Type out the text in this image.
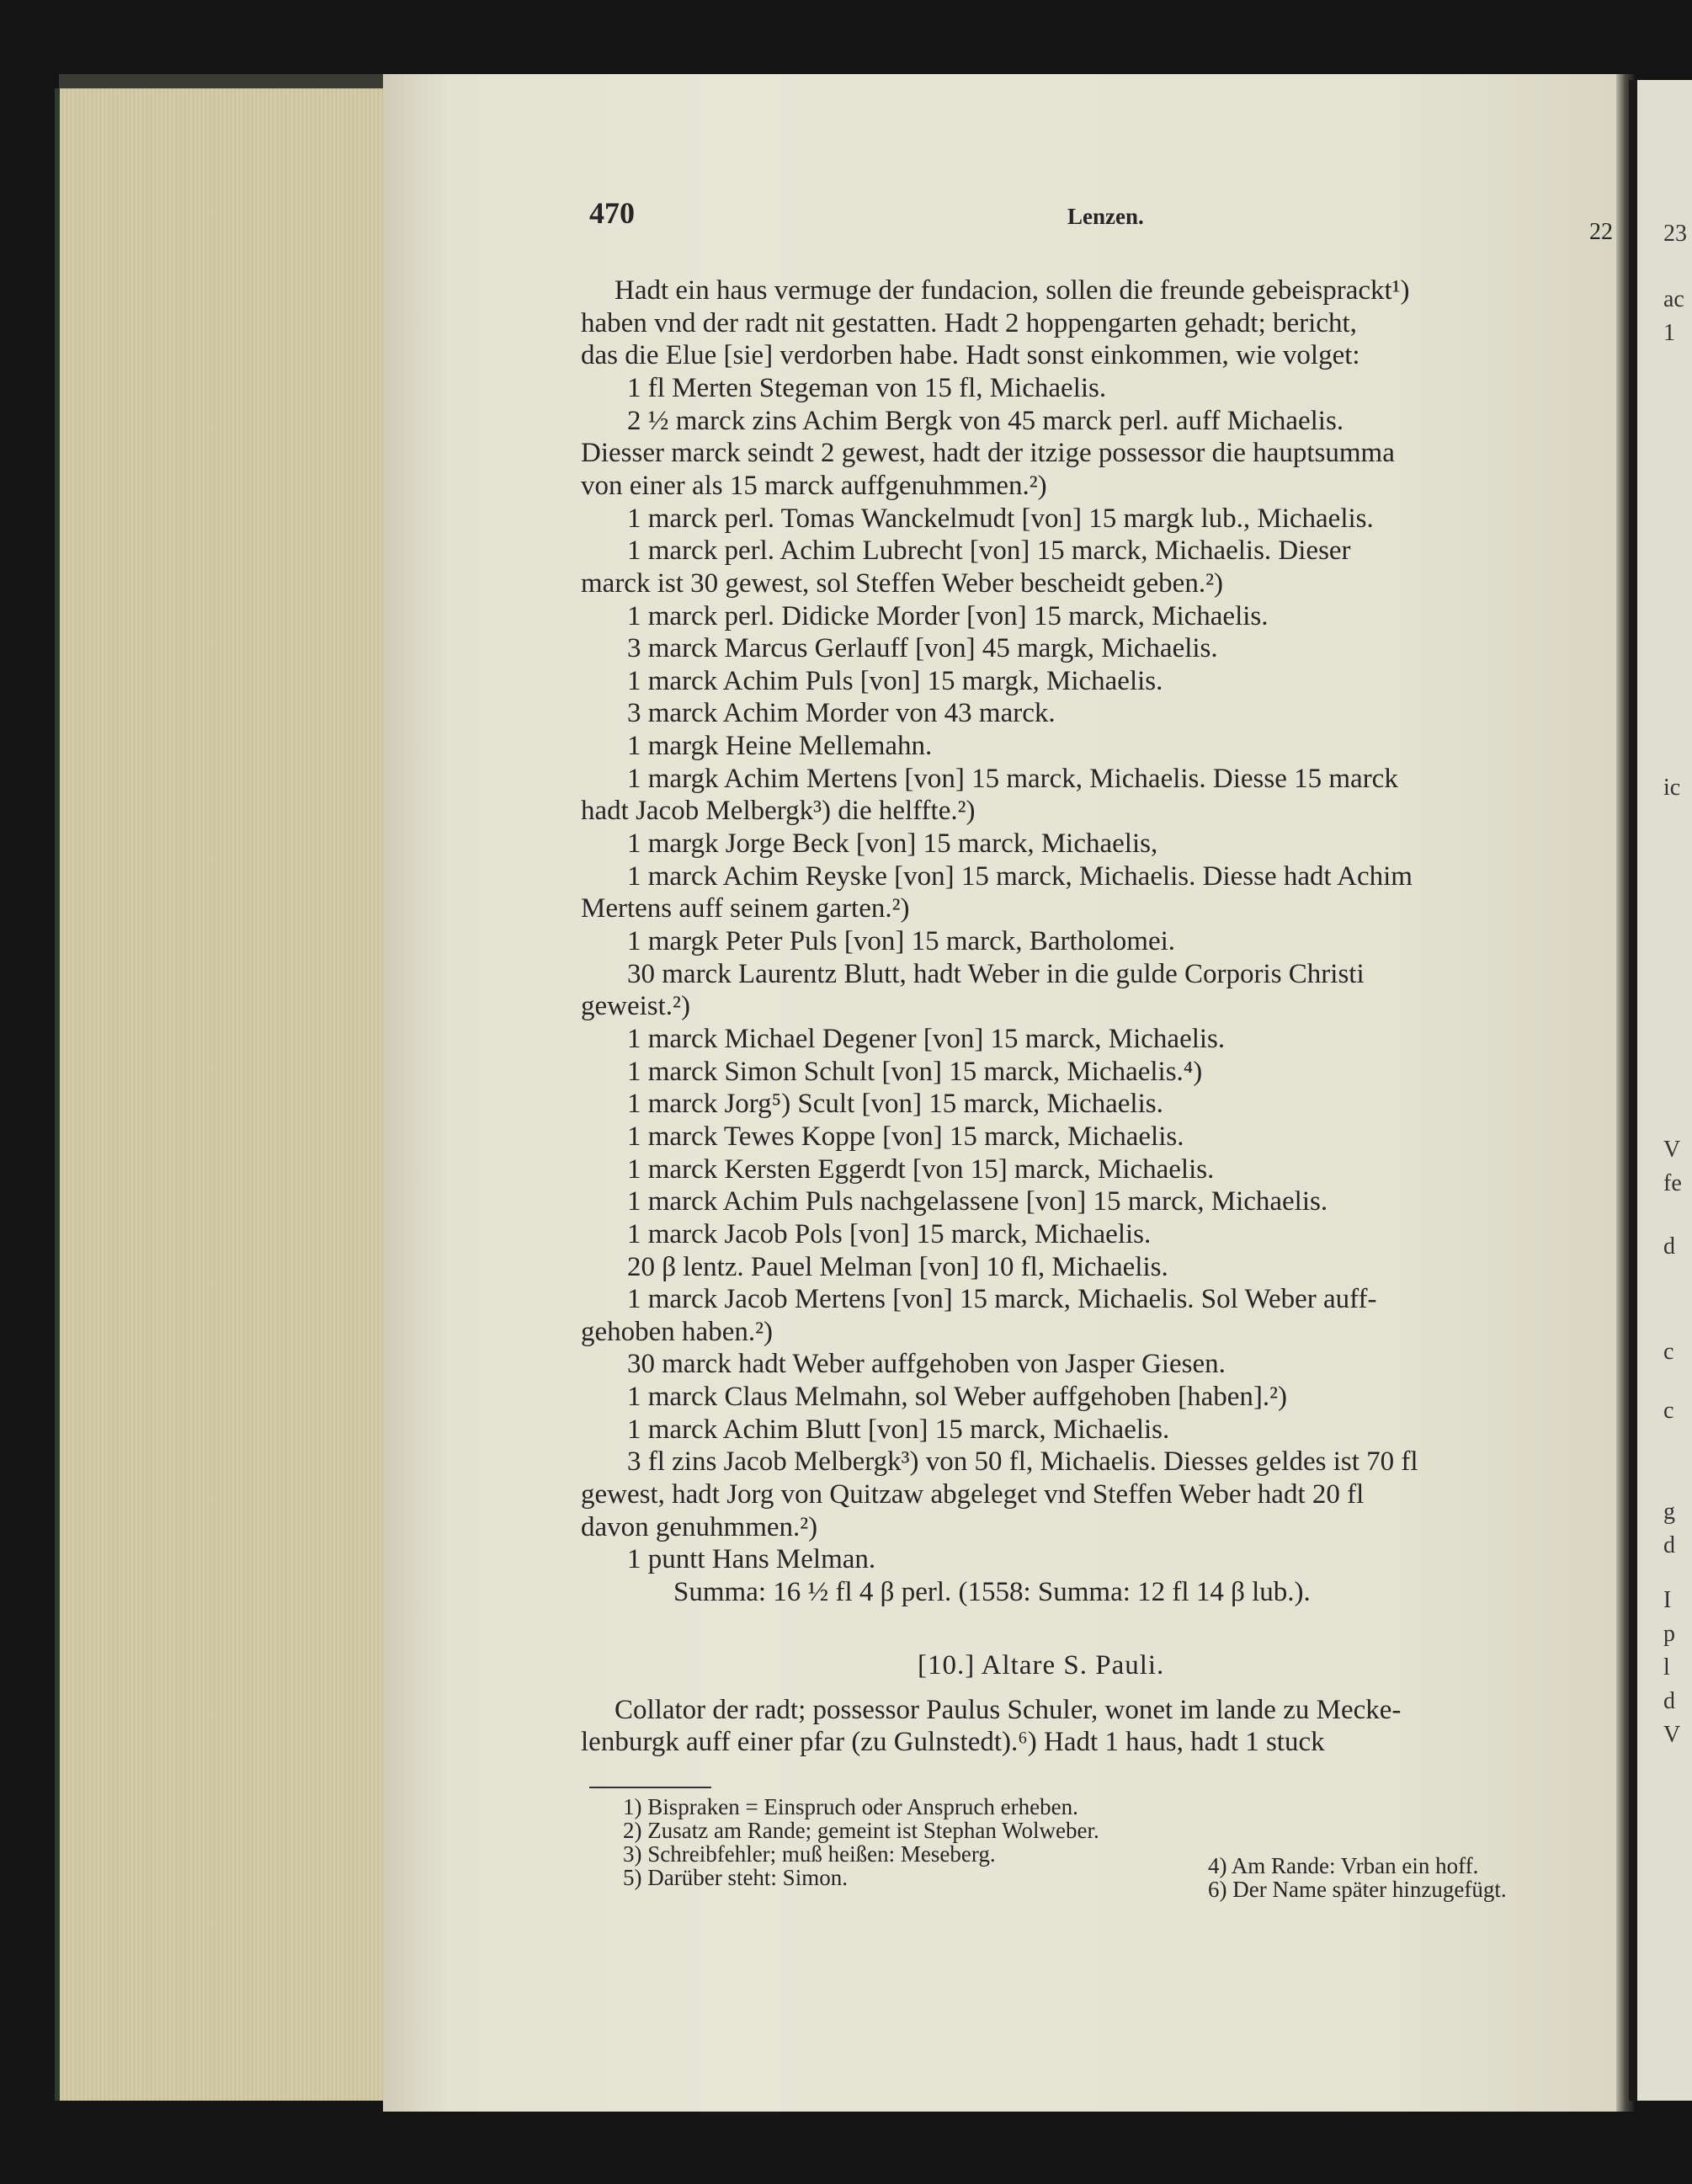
470	Lenzen.
22
Hadt ein haus vermuge der fundacion, sollen die freunde gebeisprackt¹)
haben vnd der radt nit gestatten. Hadt 2 hoppengarten gehadt; bericht,
das die Elue [sie] verdorben habe. Hadt sonst einkommen, wie volget:
1 fl Merten Stegeman von 15 fl, Michaelis.
2 ½ marck zins Achim Bergk von 45 marck perl. auff Michaelis.
Diesser marck seindt 2 gewest, hadt der itzige possessor die hauptsumma
von einer als 15 marck auffgenuhmmen.²)
1 marck perl. Tomas Wanckelmudt [von] 15 margk lub., Michaelis.
1 marck perl. Achim Lubrecht [von] 15 marck, Michaelis. Dieser
marck ist 30 gewest, sol Steffen Weber bescheidt geben.²)
1 marck perl. Didicke Morder [von] 15 marck, Michaelis.
3 marck Marcus Gerlauff [von] 45 margk, Michaelis.
1 marck Achim Puls [von] 15 margk, Michaelis.
3 marck Achim Morder von 43 marck.
1 margk Heine Mellemahn.
1 margk Achim Mertens [von] 15 marck, Michaelis. Diesse 15 marck
hadt Jacob Melbergk³) die helffte.²)
1 margk Jorge Beck [von] 15 marck, Michaelis,
1 marck Achim Reyske [von] 15 marck, Michaelis. Diesse hadt Achim
Mertens auff seinem garten.²)
1 margk Peter Puls [von] 15 marck, Bartholomei.
30 marck Laurentz Blutt, hadt Weber in die gulde Corporis Christi
geweist.²)
1 marck Michael Degener [von] 15 marck, Michaelis.
1 marck Simon Schult [von] 15 marck, Michaelis.⁴)
1 marck Jorg⁵) Scult [von] 15 marck, Michaelis.
1 marck Tewes Koppe [von] 15 marck, Michaelis.
1 marck Kersten Eggerdt [von 15] marck, Michaelis.
1 marck Achim Puls nachgelassene [von] 15 marck, Michaelis.
1 marck Jacob Pols [von] 15 marck, Michaelis.
20 β lentz. Pauel Melman [von] 10 fl, Michaelis.
1 marck Jacob Mertens [von] 15 marck, Michaelis. Sol Weber auff-
gehoben haben.²)
30 marck hadt Weber auffgehoben von Jasper Giesen.
1 marck Claus Melmahn, sol Weber auffgehoben [haben].²)
1 marck Achim Blutt [von] 15 marck, Michaelis.
3 fl zins Jacob Melbergk³) von 50 fl, Michaelis. Diesses geldes ist 70 fl
gewest, hadt Jorg von Quitzaw abgeleget vnd Steffen Weber hadt 20 fl
davon genuhmmen.²)
1 puntt Hans Melman.
Summa: 16 ½ fl 4 β perl. (1558: Summa: 12 fl 14 β lub.).
[10.] Altare S. Pauli.
Collator der radt; possessor Paulus Schuler, wonet im lande zu Mecke-
lenburgk auff einer pfar (zu Gulnstedt).⁶) Hadt 1 haus, hadt 1 stuck
1) Bispraken = Einspruch oder Anspruch erheben.
2) Zusatz am Rande; gemeint ist Stephan Wolweber.
3) Schreibfehler; muß heißen: Meseberg.	4) Am Rande: Vrban ein hoff.
5) Darüber steht: Simon.	6) Der Name später hinzugefügt.
23
ac
1
ic
V
fe
d
c
c
g
d
I
p
l
d
V
